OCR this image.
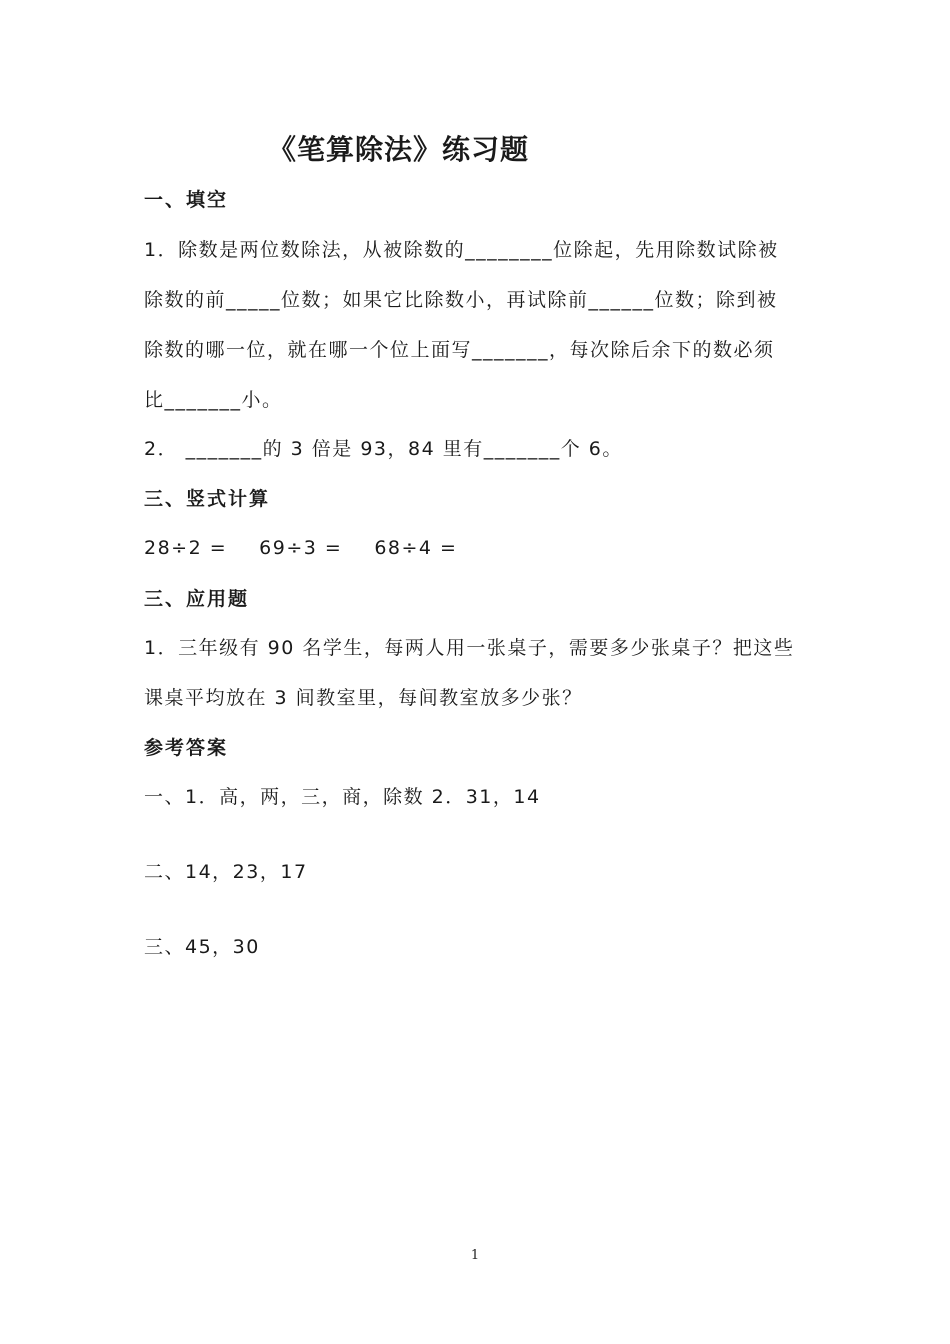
《笔算除法》练习题
一、填空
1．除数是两位数除法，从被除数的________位除起，先用除数试除被
除数的前_____位数；如果它比除数小，再试除前______位数；除到被
除数的哪一位，就在哪一个位上面写_______，每次除后余下的数必须
比_______小。
2． _______的 3 倍是 93，84 里有_______个 6。
三、竖式计算
28÷2 = 69÷3 = 68÷4 =
三、应用题
1．三年级有 90 名学生，每两人用一张桌子，需要多少张桌子？把这些
课桌平均放在 3 间教室里，每间教室放多少张？
参考答案
一、1．高，两，三，商，除数 2．31，14
二、14，23，17
三、45，30
1
